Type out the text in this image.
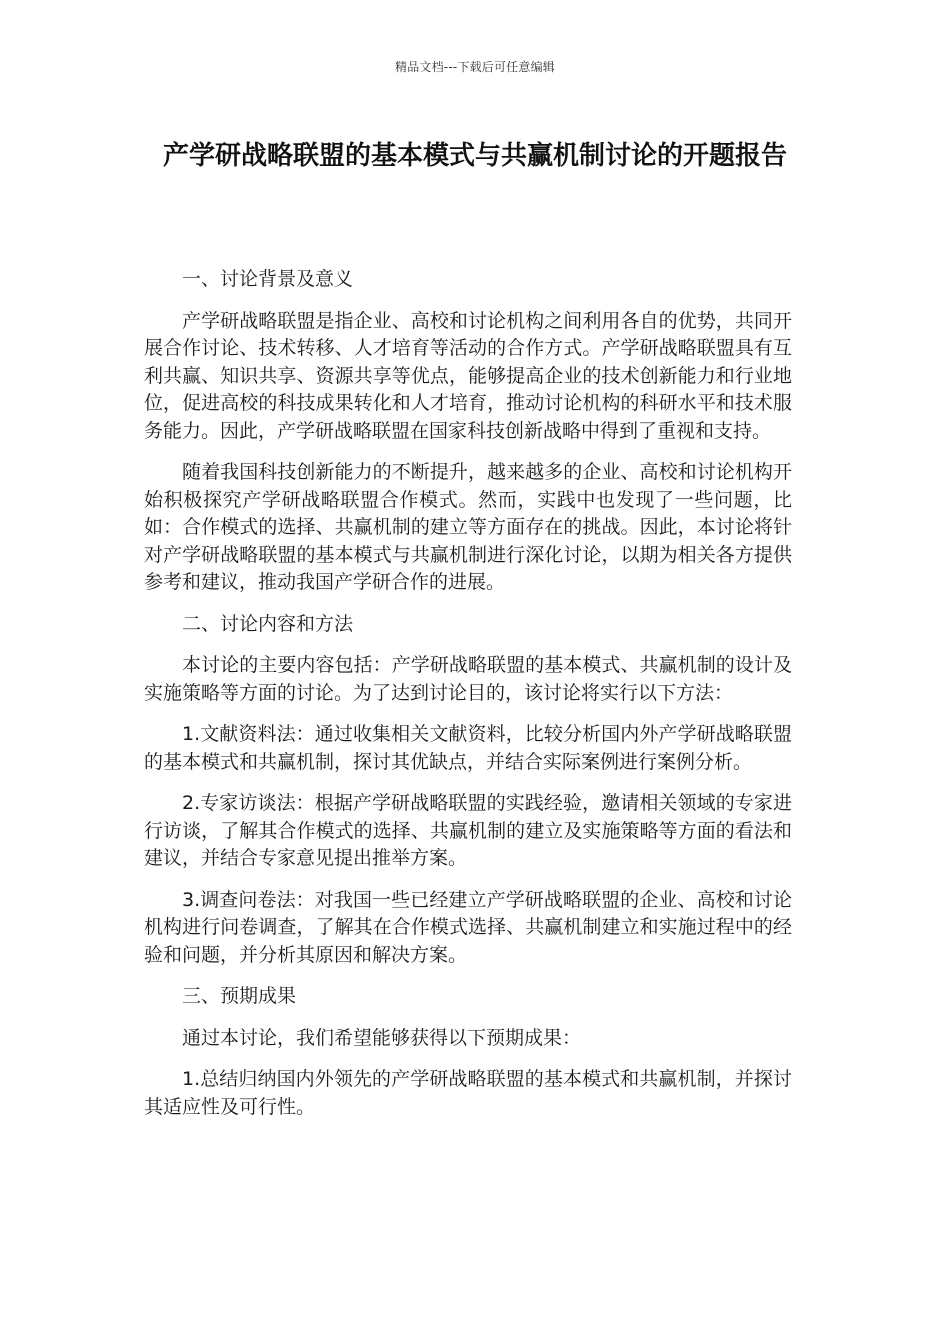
精品文档---下载后可任意编辑
产学研战略联盟的基本模式与共赢机制讨论的开题报告
一、讨论背景及意义

产学研战略联盟是指企业、高校和讨论机构之间利用各自的优势，共同开展合作讨论、技术转移、人才培育等活动的合作方式。产学研战略联盟具有互利共赢、知识共享、资源共享等优点，能够提高企业的技术创新能力和行业地位，促进高校的科技成果转化和人才培育，推动讨论机构的科研水平和技术服务能力。因此，产学研战略联盟在国家科技创新战略中得到了重视和支持。

随着我国科技创新能力的不断提升，越来越多的企业、高校和讨论机构开始积极探究产学研战略联盟合作模式。然而，实践中也发现了一些问题，比如：合作模式的选择、共赢机制的建立等方面存在的挑战。因此，本讨论将针对产学研战略联盟的基本模式与共赢机制进行深化讨论，以期为相关各方提供参考和建议，推动我国产学研合作的进展。

二、讨论内容和方法

本讨论的主要内容包括：产学研战略联盟的基本模式、共赢机制的设计及实施策略等方面的讨论。为了达到讨论目的，该讨论将实行以下方法：

1.文献资料法：通过收集相关文献资料，比较分析国内外产学研战略联盟的基本模式和共赢机制，探讨其优缺点，并结合实际案例进行案例分析。

2.专家访谈法：根据产学研战略联盟的实践经验，邀请相关领域的专家进行访谈，了解其合作模式的选择、共赢机制的建立及实施策略等方面的看法和建议，并结合专家意见提出推举方案。

3.调查问卷法：对我国一些已经建立产学研战略联盟的企业、高校和讨论机构进行问卷调查，了解其在合作模式选择、共赢机制建立和实施过程中的经验和问题，并分析其原因和解决方案。

三、预期成果

通过本讨论，我们希望能够获得以下预期成果：

1.总结归纳国内外领先的产学研战略联盟的基本模式和共赢机制，并探讨其适应性及可行性。
